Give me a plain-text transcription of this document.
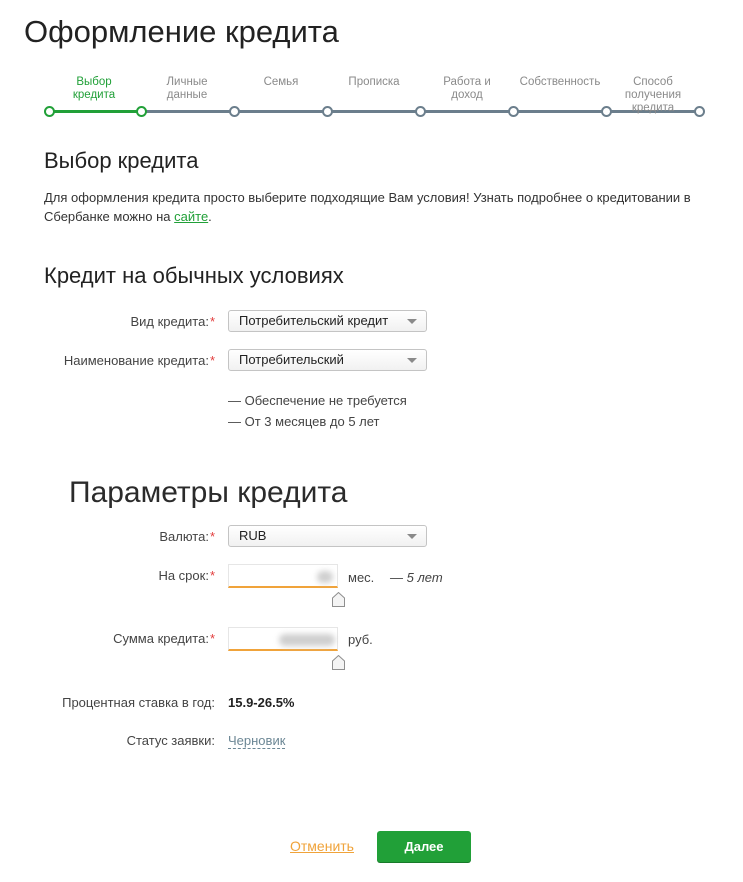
Оформление кредита
Выбор
кредита
Личные
данные
Семья	Прописка	Работа и
доход
Собственность	Способ
получения
кредита
Выбор кредита
Для оформления кредита просто выберите подходящие Вам условия! Узнать подробнее о кредитовании в Сбербанке можно на сайте.
Кредит на обычных условиях
Вид кредита:* Потребительский кредит
Наименование кредита:* Потребительский
— Обеспечение не требуется
— От 3 месяцев до 5 лет
Параметры кредита
Валюта:* RUB
На срок:*	мес. — 5 лет
Сумма кредита:*	руб.
Процентная ставка в год: 15.9-26.5%
Статус заявки: Черновик
Отменить	Далее
